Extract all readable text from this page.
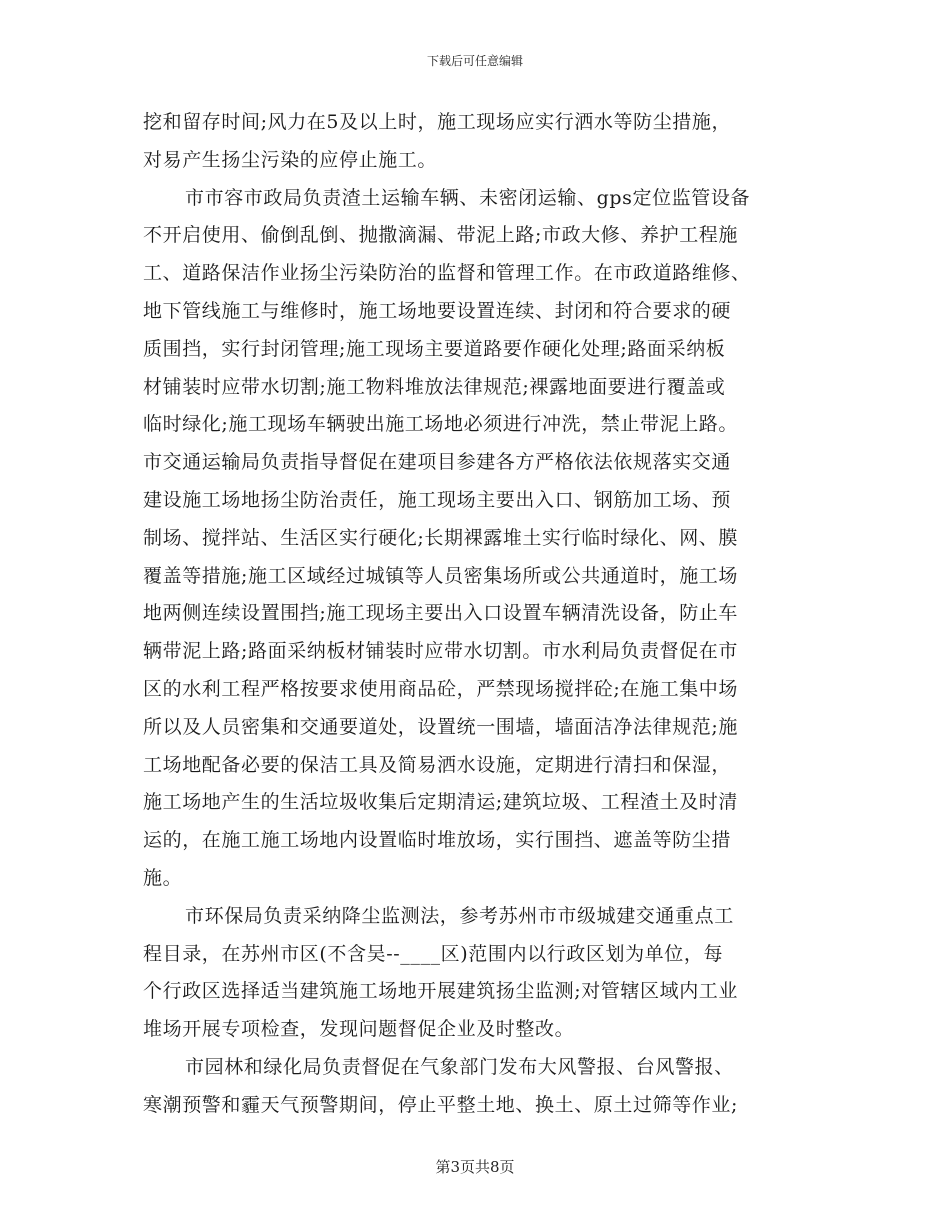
下载后可任意编辑
挖和留存时间;风力在5及以上时，施工现场应实行洒水等防尘措施，
对易产生扬尘污染的应停止施工。
市市容市政局负责渣土运输车辆、未密闭运输、gps定位监管设备
不开启使用、偷倒乱倒、抛撒滴漏、带泥上路;市政大修、养护工程施
工、道路保洁作业扬尘污染防治的监督和管理工作。在市政道路维修、
地下管线施工与维修时，施工场地要设置连续、封闭和符合要求的硬
质围挡，实行封闭管理;施工现场主要道路要作硬化处理;路面采纳板
材铺装时应带水切割;施工物料堆放法律规范;裸露地面要进行覆盖或
临时绿化;施工现场车辆驶出施工场地必须进行冲洗，禁止带泥上路。
市交通运输局负责指导督促在建项目参建各方严格依法依规落实交通
建设施工场地扬尘防治责任，施工现场主要出入口、钢筋加工场、预
制场、搅拌站、生活区实行硬化;长期裸露堆土实行临时绿化、网、膜
覆盖等措施;施工区域经过城镇等人员密集场所或公共通道时，施工场
地两侧连续设置围挡;施工现场主要出入口设置车辆清洗设备，防止车
辆带泥上路;路面采纳板材铺装时应带水切割。市水利局负责督促在市
区的水利工程严格按要求使用商品砼，严禁现场搅拌砼;在施工集中场
所以及人员密集和交通要道处，设置统一围墙，墙面洁净法律规范;施
工场地配备必要的保洁工具及简易洒水设施，定期进行清扫和保湿，
施工场地产生的生活垃圾收集后定期清运;建筑垃圾、工程渣土及时清
运的，在施工施工场地内设置临时堆放场，实行围挡、遮盖等防尘措
施。
市环保局负责采纳降尘监测法，参考苏州市市级城建交通重点工
程目录，在苏州市区(不含吴--____区)范围内以行政区划为单位，每
个行政区选择适当建筑施工场地开展建筑扬尘监测;对管辖区域内工业
堆场开展专项检查，发现问题督促企业及时整改。
市园林和绿化局负责督促在气象部门发布大风警报、台风警报、
寒潮预警和霾天气预警期间，停止平整土地、换土、原土过筛等作业;
第3页共8页
